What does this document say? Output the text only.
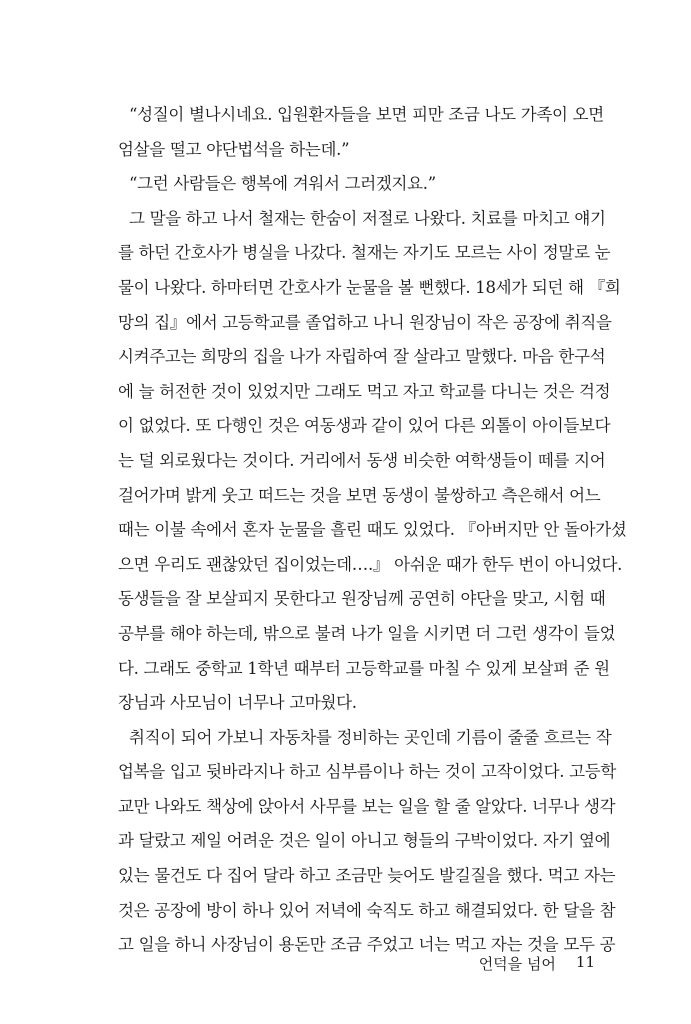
“성질이 별나시네요. 입원환자들을 보면 피만 조금 나도 가족이 오면
엄살을 떨고 야단법석을 하는데.”
“그런 사람들은 행복에 겨워서 그러겠지요.”
그 말을 하고 나서 철재는 한숨이 저절로 나왔다. 치료를 마치고 얘기
를 하던 간호사가 병실을 나갔다. 철재는 자기도 모르는 사이 정말로 눈
물이 나왔다. 하마터면 간호사가 눈물을 볼 뻔했다. 18세가 되던 해 『희
망의 집』에서 고등학교를 졸업하고 나니 원장님이 작은 공장에 취직을
시켜주고는 희망의 집을 나가 자립하여 잘 살라고 말했다. 마음 한구석
에 늘 허전한 것이 있었지만 그래도 먹고 자고 학교를 다니는 것은 걱정
이 없었다. 또 다행인 것은 여동생과 같이 있어 다른 외톨이 아이들보다
는 덜 외로웠다는 것이다. 거리에서 동생 비슷한 여학생들이 떼를 지어
걸어가며 밝게 웃고 떠드는 것을 보면 동생이 불쌍하고 측은해서 어느
때는 이불 속에서 혼자 눈물을 흘린 때도 있었다. 『아버지만 안 돌아가셨
으면 우리도 괜찮았던 집이었는데….』 아쉬운 때가 한두 번이 아니었다.
동생들을 잘 보살피지 못한다고 원장님께 공연히 야단을 맞고, 시험 때
공부를 해야 하는데, 밖으로 불려 나가 일을 시키면 더 그런 생각이 들었
다. 그래도 중학교 1학년 때부터 고등학교를 마칠 수 있게 보살펴 준 원
장님과 사모님이 너무나 고마웠다.
취직이 되어 가보니 자동차를 정비하는 곳인데 기름이 줄줄 흐르는 작
업복을 입고 뒷바라지나 하고 심부름이나 하는 것이 고작이었다. 고등학
교만 나와도 책상에 앉아서 사무를 보는 일을 할 줄 알았다. 너무나 생각
과 달랐고 제일 어려운 것은 일이 아니고 형들의 구박이었다. 자기 옆에
있는 물건도 다 집어 달라 하고 조금만 늦어도 발길질을 했다. 먹고 자는
것은 공장에 방이 하나 있어 저녁에 숙직도 하고 해결되었다. 한 달을 참
고 일을 하니 사장님이 용돈만 조금 주었고 너는 먹고 자는 것을 모두 공
언덕을 넘어 11
